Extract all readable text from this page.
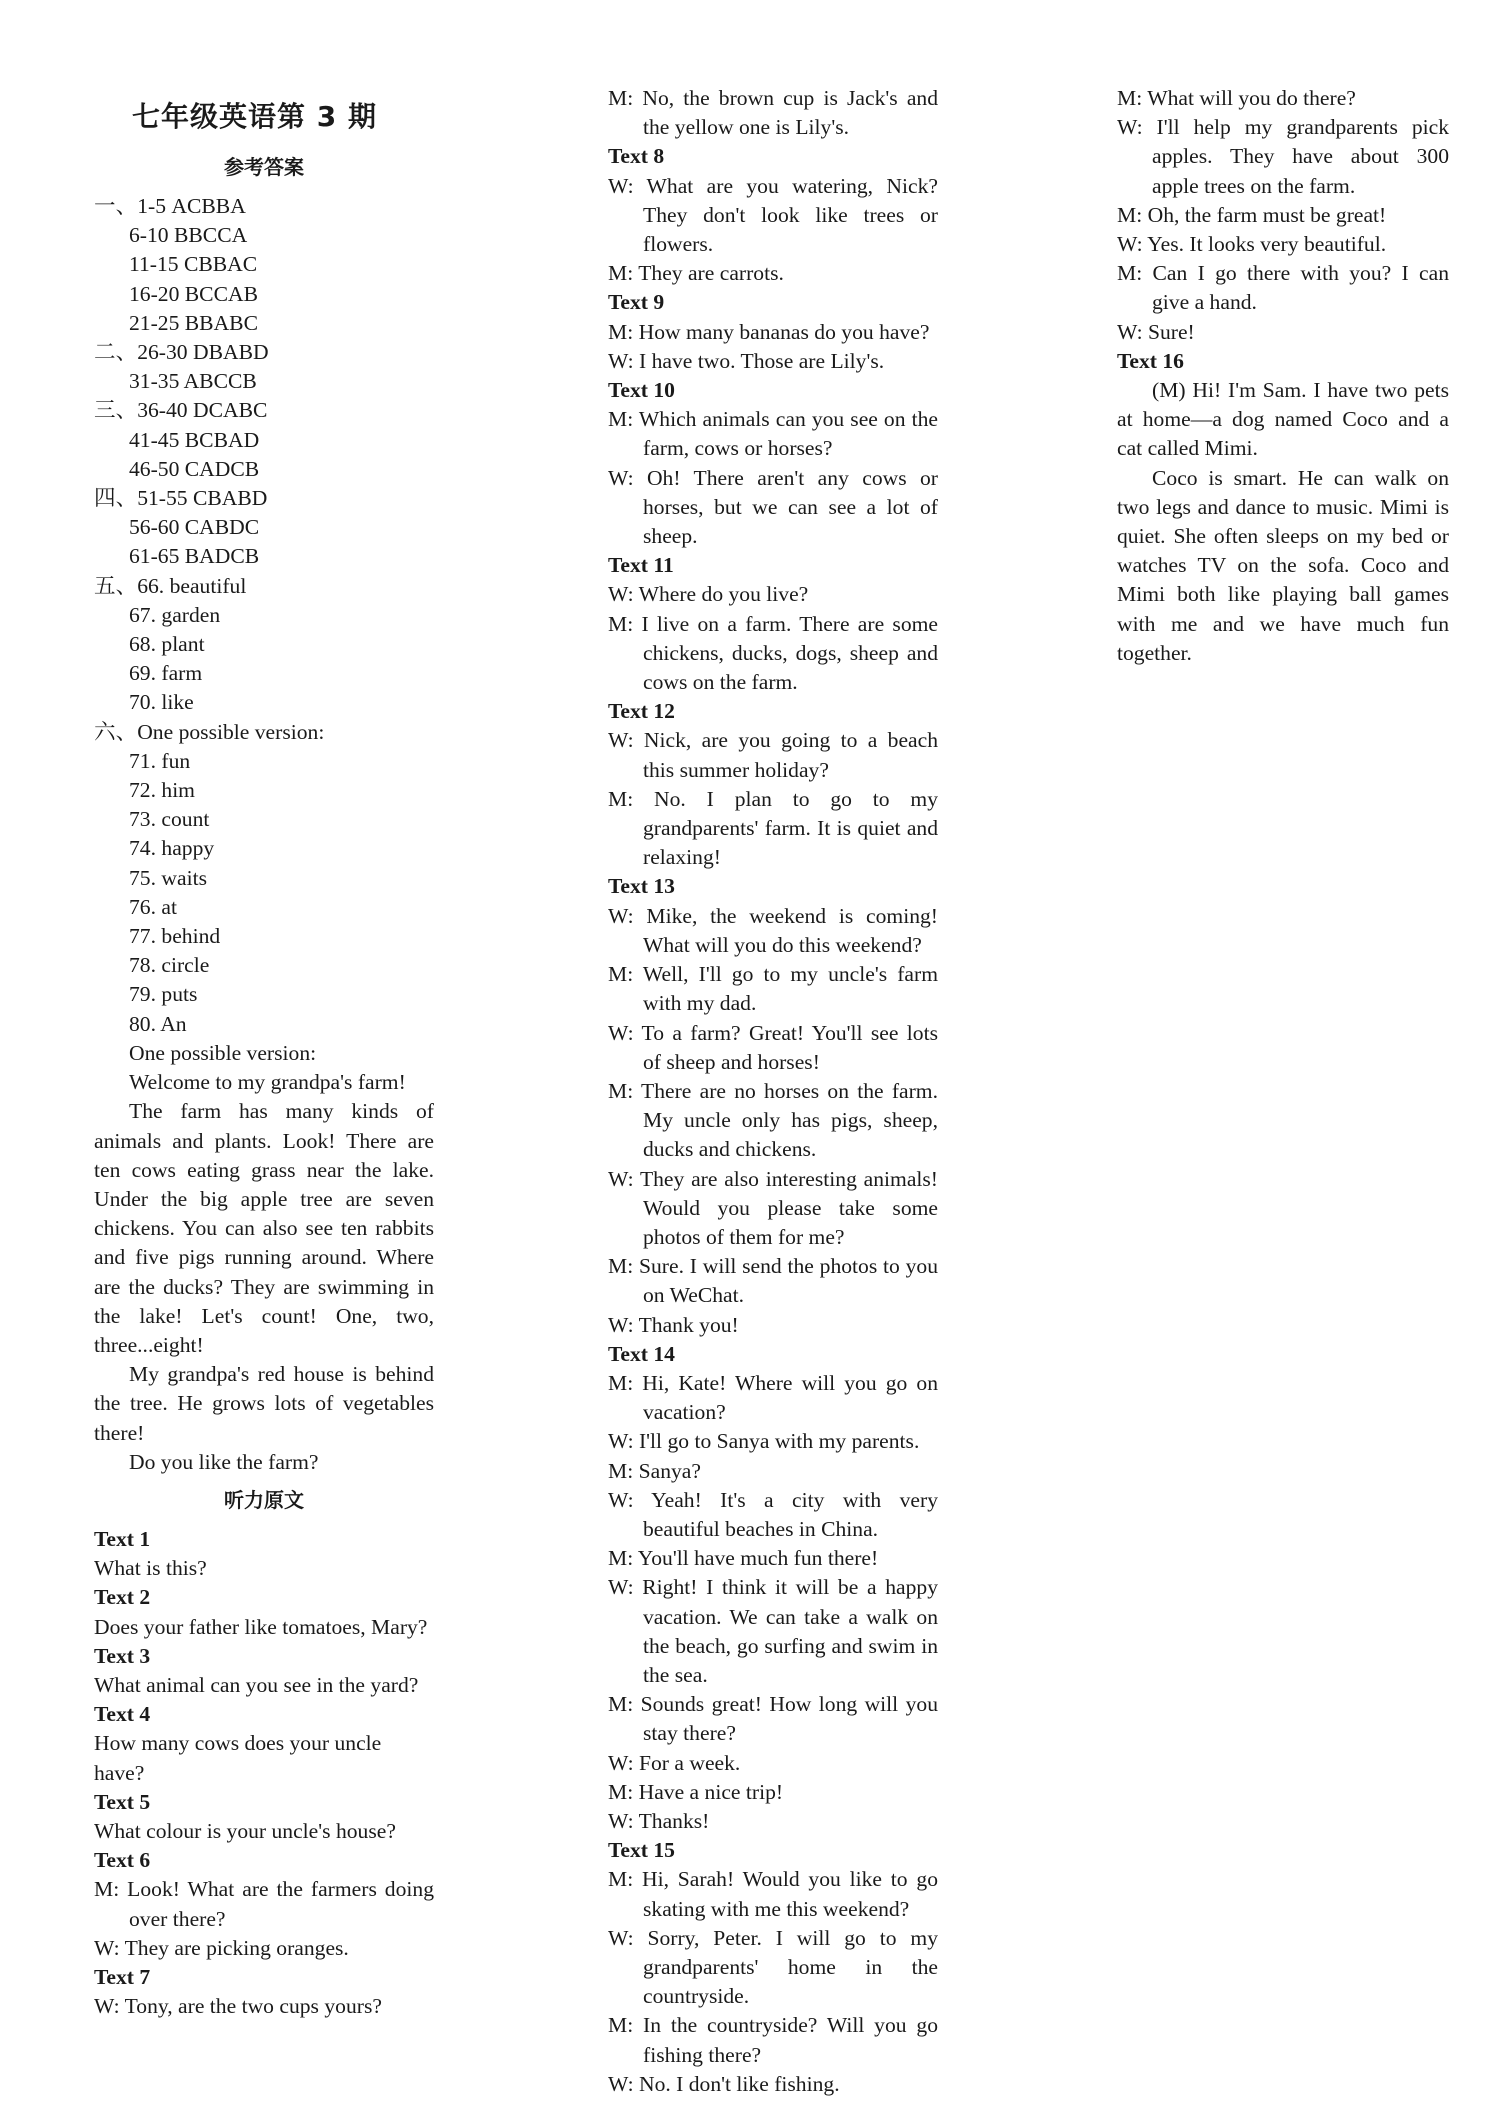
七年级英语第 3 期
参考答案
一、1-5 ACBBA
6-10 BBCCA
11-15 CBBAC
16-20 BCCAB
21-25 BBABC
二、26-30 DBABD
31-35 ABCCB
三、36-40 DCABC
41-45 BCBAD
46-50 CADCB
四、51-55 CBABD
56-60 CABDC
61-65 BADCB
五、66. beautiful
67. garden
68. plant
69. farm
70. like
六、One possible version:
71. fun
72. him
73. count
74. happy
75. waits
76. at
77. behind
78. circle
79. puts
80. An
One possible version:
Welcome to my grandpa's farm!
The farm has many kinds of animals and plants. Look! There are ten cows eating grass near the lake. Under the big apple tree are seven chickens. You can also see ten rabbits and five pigs running around. Where are the ducks? They are swimming in the lake! Let's count! One, two, three...eight!
My grandpa's red house is behind the tree. He grows lots of vegetables there!
Do you like the farm?
听力原文
Text 1
What is this?
Text 2
Does your father like tomatoes, Mary?
Text 3
What animal can you see in the yard?
Text 4
How many cows does your uncle have?
Text 5
What colour is your uncle's house?
Text 6
M: Look! What are the farmers doing over there?
W: They are picking oranges.
Text 7
W: Tony, are the two cups yours?
M: No, the brown cup is Jack's and the yellow one is Lily's.
Text 8
W: What are you watering, Nick? They don't look like trees or flowers.
M: They are carrots.
Text 9
M: How many bananas do you have?
W: I have two. Those are Lily's.
Text 10
M: Which animals can you see on the farm, cows or horses?
W: Oh! There aren't any cows or horses, but we can see a lot of sheep.
Text 11
W: Where do you live?
M: I live on a farm. There are some chickens, ducks, dogs, sheep and cows on the farm.
Text 12
W: Nick, are you going to a beach this summer holiday?
M: No. I plan to go to my grandparents' farm. It is quiet and relaxing!
Text 13
W: Mike, the weekend is coming! What will you do this weekend?
M: Well, I'll go to my uncle's farm with my dad.
W: To a farm? Great! You'll see lots of sheep and horses!
M: There are no horses on the farm. My uncle only has pigs, sheep, ducks and chickens.
W: They are also interesting animals! Would you please take some photos of them for me?
M: Sure. I will send the photos to you on WeChat.
W: Thank you!
Text 14
M: Hi, Kate! Where will you go on vacation?
W: I'll go to Sanya with my parents.
M: Sanya?
W: Yeah! It's a city with very beautiful beaches in China.
M: You'll have much fun there!
W: Right! I think it will be a happy vacation. We can take a walk on the beach, go surfing and swim in the sea.
M: Sounds great! How long will you stay there?
W: For a week.
M: Have a nice trip!
W: Thanks!
Text 15
M: Hi, Sarah! Would you like to go skating with me this weekend?
W: Sorry, Peter. I will go to my grandparents' home in the countryside.
M: In the countryside? Will you go fishing there?
W: No. I don't like fishing.
M: What will you do there?
W: I'll help my grandparents pick apples. They have about 300 apple trees on the farm.
M: Oh, the farm must be great!
W: Yes. It looks very beautiful.
M: Can I go there with you? I can give a hand.
W: Sure!
Text 16
(M) Hi! I'm Sam. I have two pets at home—a dog named Coco and a cat called Mimi.
Coco is smart. He can walk on two legs and dance to music. Mimi is quiet. She often sleeps on my bed or watches TV on the sofa. Coco and Mimi both like playing ball games with me and we have much fun together.
